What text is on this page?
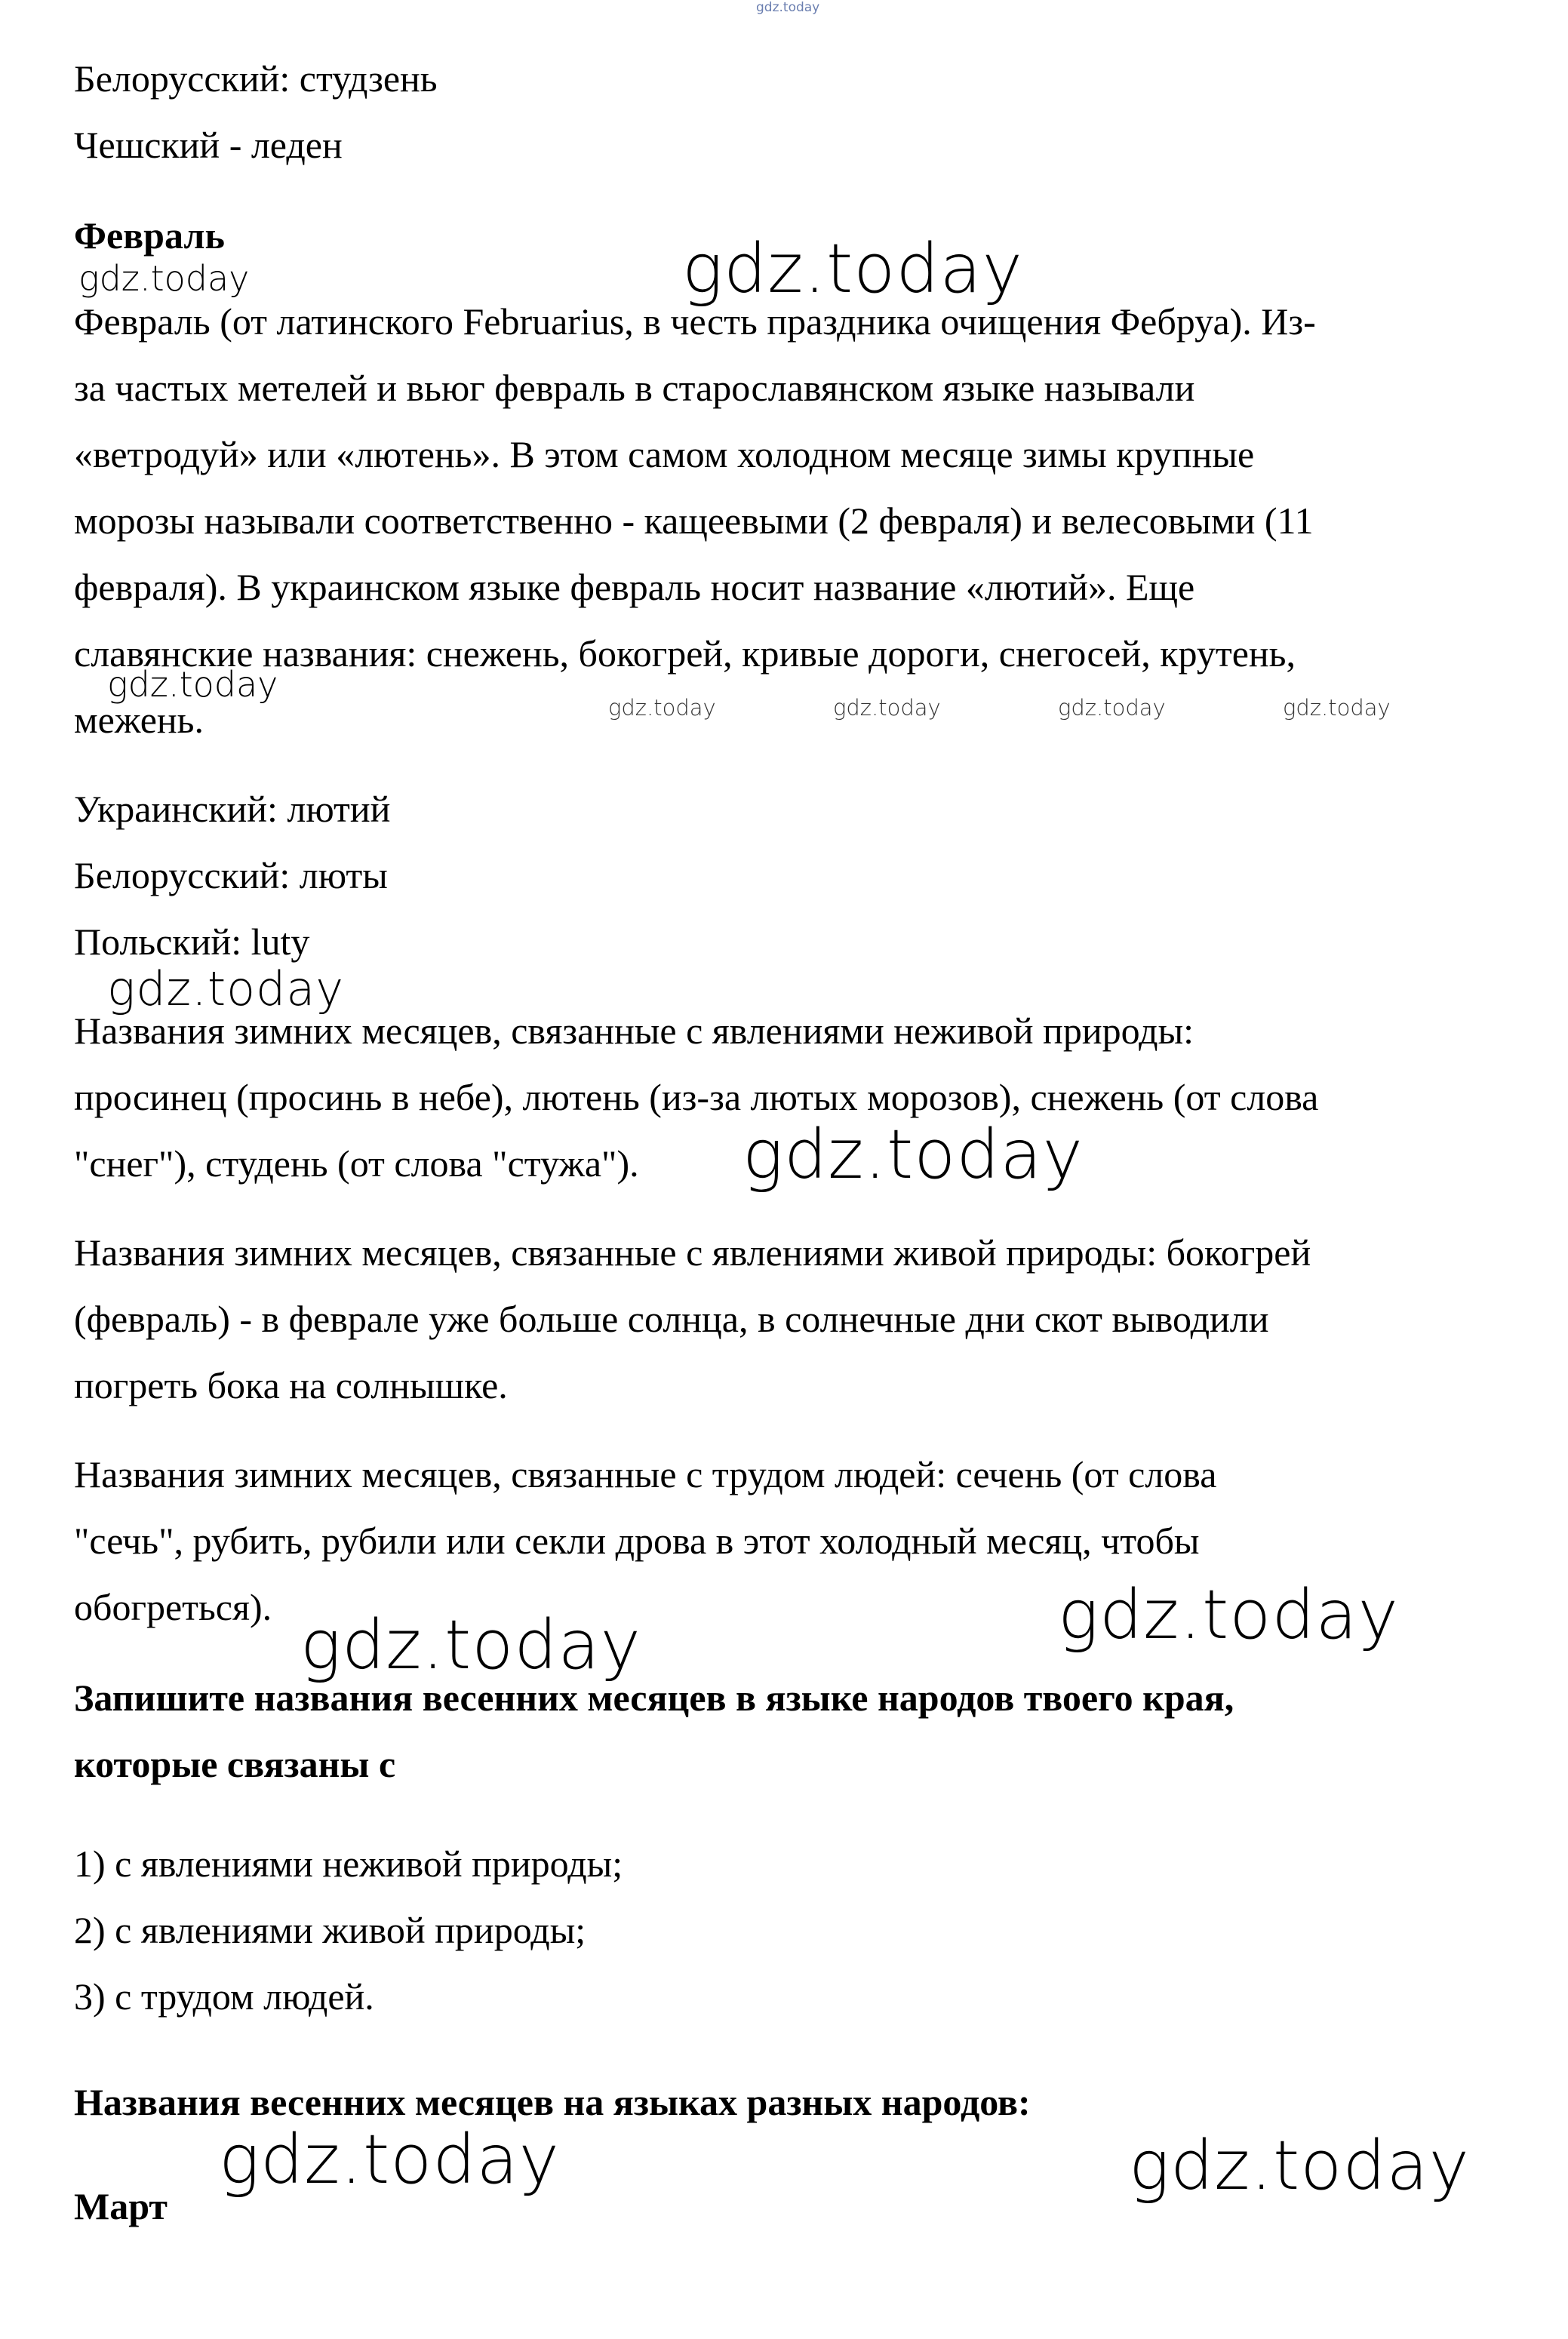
gdz.today
Белорусский: студзень
Чешский - леден
Февраль
Февраль (от латинского Februarius, в честь праздника очищения Фебруа). Из-
за частых метелей и вьюг февраль в старославянском языке называли
«ветродуй» или «лютень». В этом самом холодном месяце зимы крупные
морозы называли соответственно - кащеевыми (2 февраля) и велесовыми (11
февраля). В украинском языке февраль носит название «лютий». Еще
славянские названия: снежень, бокогрей, кривые дороги, снегосей, крутень,
межень.
Украинский: лютий
Белорусский: люты
Польский: luty
Названия зимних месяцев, связанные с явлениями неживой природы:
просинец (просинь в небе), лютень (из-за лютых морозов), снежень (от слова
"снег"), студень (от слова "стужа").
Названия зимних месяцев, связанные с явлениями живой природы: бокогрей
(февраль) - в феврале уже больше солнца, в солнечные дни скот выводили
погреть бока на солнышке.
Названия зимних месяцев, связанные с трудом людей: сечень (от слова
"сечь", рубить, рубили или секли дрова в этот холодный месяц, чтобы
обогреться).
Запишите названия весенних месяцев в языке народов твоего края,
которые связаны с
1) с явлениями неживой природы;
2) с явлениями живой природы;
3) с трудом людей.
Названия весенних месяцев на языках разных народов:
Март
gdz.today
gdz.today
gdz.today
gdz.today	gdz.today	gdz.today	gdz.today
gdz.today
gdz.today
gdz.today
gdz.today
gdz.today	gdz.today
